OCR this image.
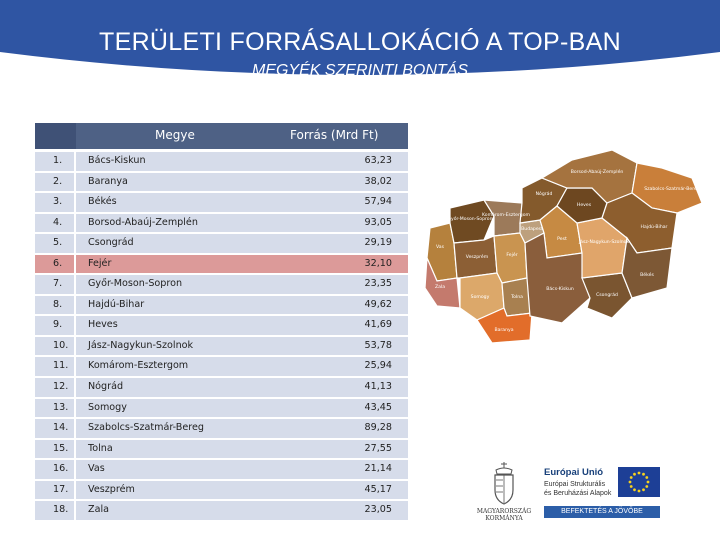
TERÜLETI FORRÁSALLOKÁCIÓ A TOP-BAN
MEGYÉK SZERINTI BONTÁS
Megye	Forrás (Mrd Ft)
1.	Bács-Kiskun	63,23
2.	Baranya	38,02
3.	Békés	57,94
4.	Borsod-Abaúj-Zemplén	93,05
5.	Csongrád	29,19
6.	Fejér	32,10
7.	Győr-Moson-Sopron	23,35
8.	Hajdú-Bihar	49,62
9.	Heves	41,69
10.	Jász-Nagykun-Szolnok	53,78
11.	Komárom-Esztergom	25,94
12.	Nógrád	41,13
13.	Somogy	43,45
14.	Szabolcs-Szatmár-Bereg	89,28
15.	Tolna	27,55
16.	Vas	21,14
17.	Veszprém	45,17
18.	Zala	23,05
Borsod-Abaúj-Zemplén
Nógrád
Heves
Szabolcs-Szatmár-Bereg
Győr-Moson-Sopron
Komárom-Esztergom
Budapest
Pest
Jász-Nagykun-Szolnok
Hajdú-Bihar
Vas
Veszprém	Fejér
Békés
Zala
Somogy	Tolna
Bács-Kiskun
Csongrád
Baranya
MAGYARORSZÁG
KORMÁNYA
Európai Unió
Európai Strukturális
és Beruházási Alapok
BEFEKTETÉS A JÖVŐBE
